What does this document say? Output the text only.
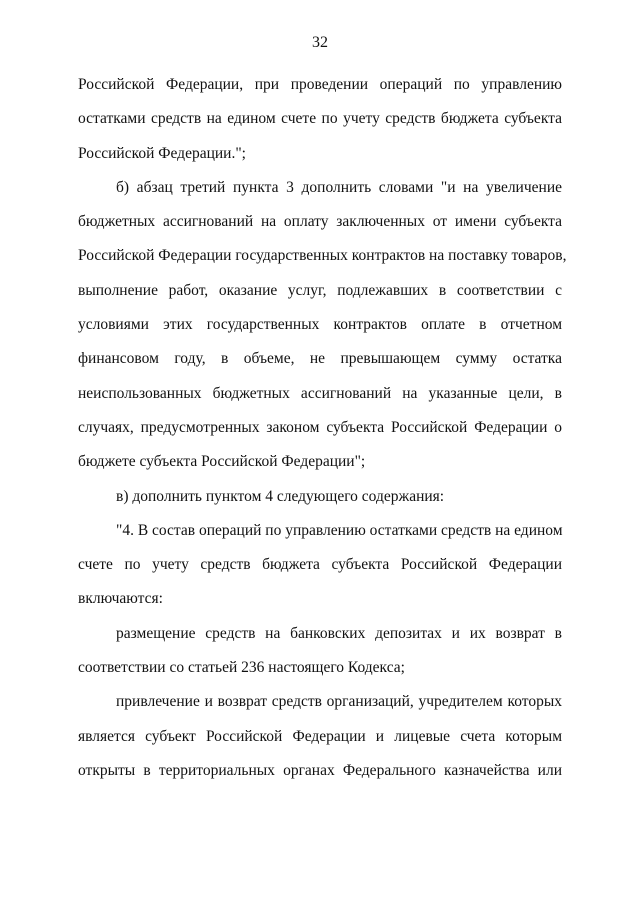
32
Российской Федерации, при проведении операций по управлению
остатками средств на едином счете по учету средств бюджета субъекта
Российской Федерации.";
б) абзац третий пункта 3 дополнить словами "и на увеличение
бюджетных ассигнований на оплату заключенных от имени субъекта
Российской Федерации государственных контрактов на поставку товаров,
выполнение работ, оказание услуг, подлежавших в соответствии с
условиями этих государственных контрактов оплате в отчетном
финансовом году, в объеме, не превышающем сумму остатка
неиспользованных бюджетных ассигнований на указанные цели, в
случаях, предусмотренных законом субъекта Российской Федерации о
бюджете субъекта Российской Федерации";
в) дополнить пунктом 4 следующего содержания:
"4. В состав операций по управлению остатками средств на едином
счете по учету средств бюджета субъекта Российской Федерации
включаются:
размещение средств на банковских депозитах и их возврат в
соответствии со статьей 236 настоящего Кодекса;
привлечение и возврат средств организаций, учредителем которых
является субъект Российской Федерации и лицевые счета которым
открыты в территориальных органах Федерального казначейства или
